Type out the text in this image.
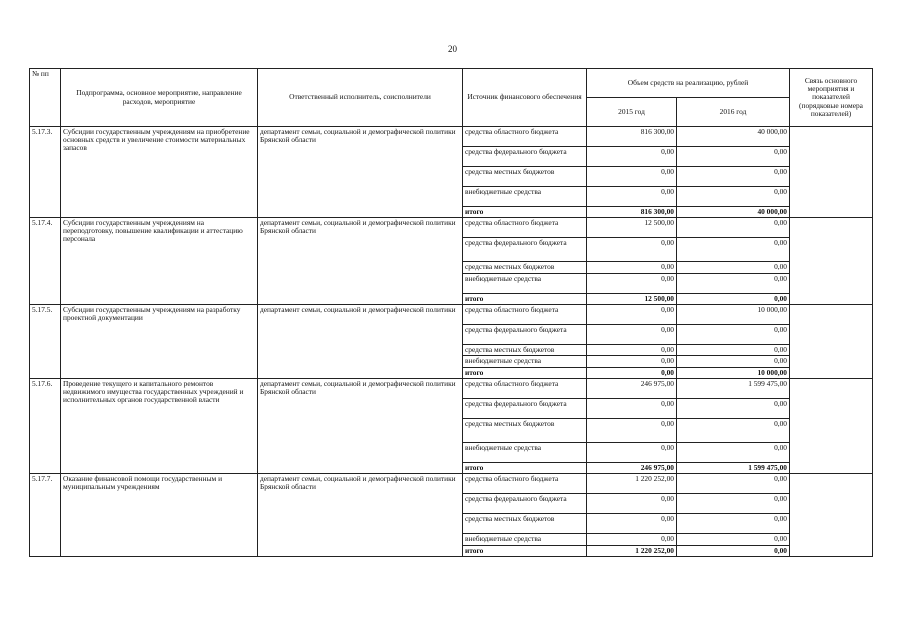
20
№ пп	Подпрограмма, основное мероприятие, направление расходов, мероприятие	Ответственный исполнитель, соисполнители	Источник финансового обеспечения	Объем средств на реализацию, рублей		Связь основного мероприятия и показателей (порядковые номера показателей)
				2015 год	2016 год	
5.17.3.	Субсидии государственным учреждениям на приобретение основных средств и увеличение стоимости материальных запасов	департамент семьи, социальной и демографической политики Брянской области	средства областного бюджета	816 300,00	40 000,00	
			средства федерального бюджета	0,00	0,00	
			средства местных бюджетов	0,00	0,00	
			внебюджетные средства	0,00	0,00	
			итого	816 300,00	40 000,00	
5.17.4.	Субсидии государственным учреждениям на переподготовку, повышение квалификации и аттестацию персонала	департамент семьи, социальной и демографической политики Брянской области	средства областного бюджета	12 500,00	0,00	
			средства федерального бюджета	0,00	0,00	
			средства местных бюджетов	0,00	0,00	
			внебюджетные средства	0,00	0,00	
			итого	12 500,00	0,00	
5.17.5.	Субсидии государственным учреждениям на разработку проектной документации	департамент семьи, социальной и демографической политики	средства областного бюджета	0,00	10 000,00	
			средства федерального бюджета	0,00	0,00	
			средства местных бюджетов	0,00	0,00	
			внебюджетные средства	0,00	0,00	
			итого	0,00	10 000,00	
5.17.6.	Проведение текущего и капитального ремонтов недвижимого имущества государственных учреждений и исполнительных органов государственной власти	департамент семьи, социальной и демографической политики Брянской области	средства областного бюджета	246 975,00	1 599 475,00	
			средства федерального бюджета	0,00	0,00	
			средства местных бюджетов	0,00	0,00	
			внебюджетные средства	0,00	0,00	
			итого	246 975,00	1 599 475,00	
5.17.7.	Оказание финансовой помощи государственным и муниципальным учреждениям	департамент семьи, социальной и демографической политики Брянской области	средства областного бюджета	1 220 252,00	0,00	
			средства федерального бюджета	0,00	0,00	
			средства местных бюджетов	0,00	0,00	
			внебюджетные средства	0,00	0,00	
			итого	1 220 252,00	0,00	
